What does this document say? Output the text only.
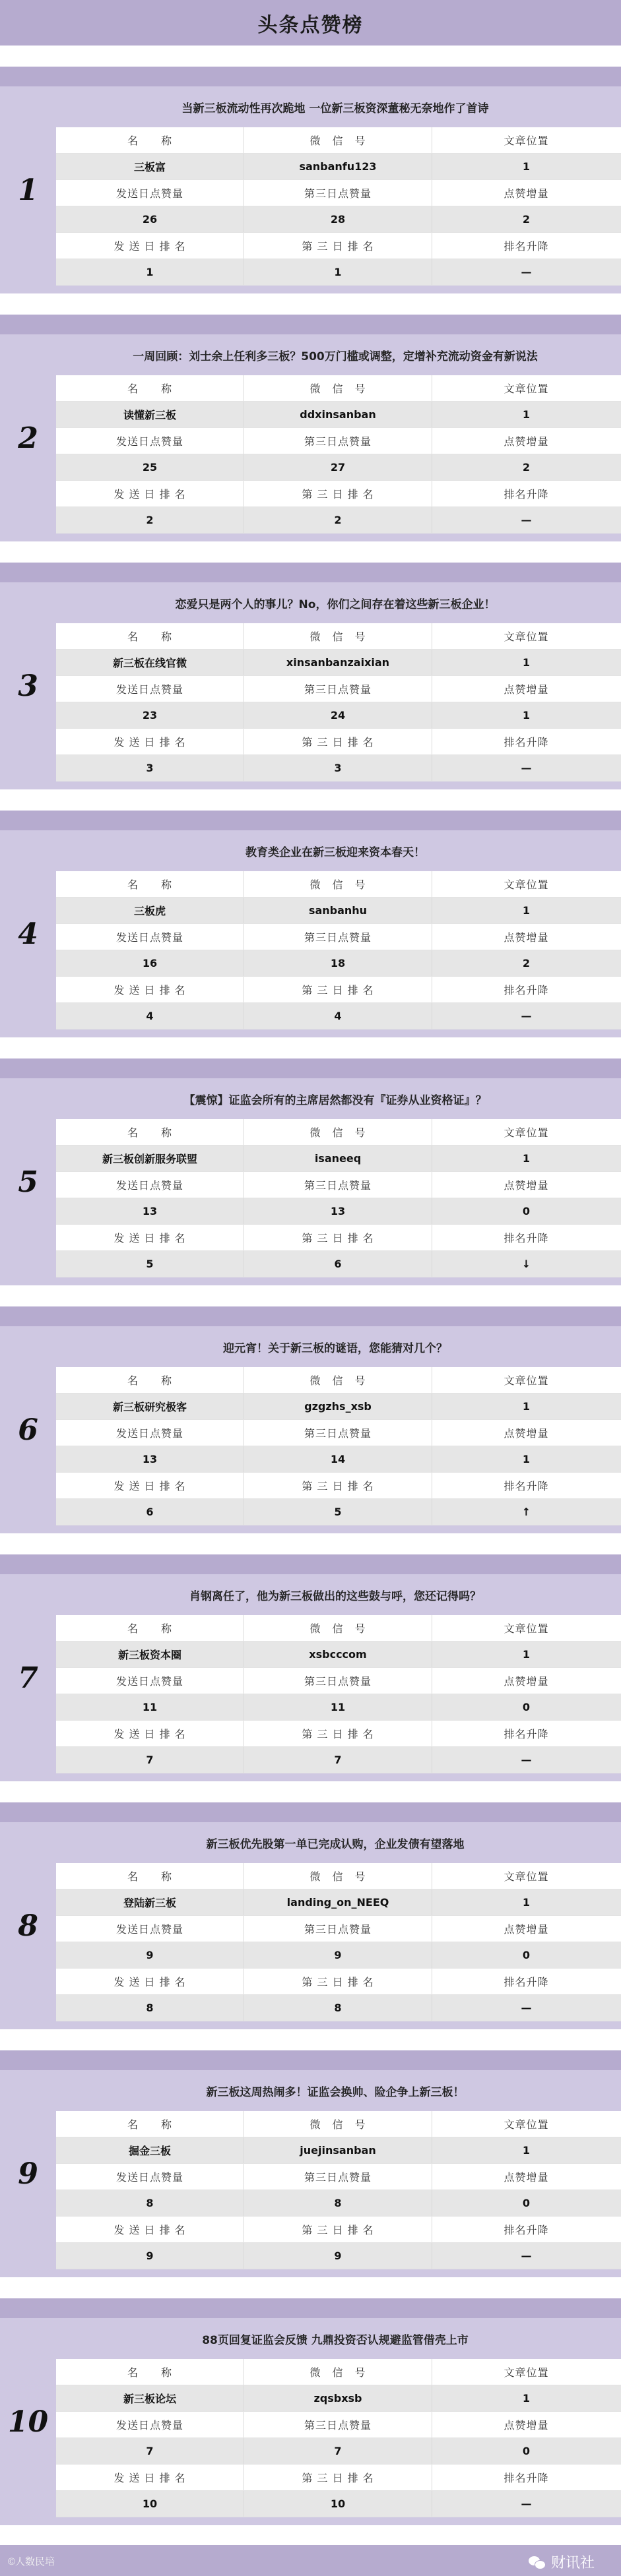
头条点赞榜
1
当新三板流动性再次跪地 一位新三板资深董秘无奈地作了首诗
名　　称	微　信　号	文章位置
三板富	sanbanfu123	1
发送日点赞量	第三日点赞量	点赞增量
26	28	2
发 送 日 排 名	第 三 日 排 名	排名升降
1	1	—
2
一周回顾：刘士余上任利多三板？500万门槛或调整，定增补充流动资金有新说法
名　　称	微　信　号	文章位置
读懂新三板	ddxinsanban	1
发送日点赞量	第三日点赞量	点赞增量
25	27	2
发 送 日 排 名	第 三 日 排 名	排名升降
2	2	—
3
恋爱只是两个人的事儿？No，你们之间存在着这些新三板企业！
名　　称	微　信　号	文章位置
新三板在线官微	xinsanbanzaixian	1
发送日点赞量	第三日点赞量	点赞增量
23	24	1
发 送 日 排 名	第 三 日 排 名	排名升降
3	3	—
4
教育类企业在新三板迎来资本春天！
名　　称	微　信　号	文章位置
三板虎	sanbanhu	1
发送日点赞量	第三日点赞量	点赞增量
16	18	2
发 送 日 排 名	第 三 日 排 名	排名升降
4	4	—
5
【震惊】证监会所有的主席居然都没有『证券从业资格证』？
名　　称	微　信　号	文章位置
新三板创新服务联盟	isaneeq	1
发送日点赞量	第三日点赞量	点赞增量
13	13	0
发 送 日 排 名	第 三 日 排 名	排名升降
5	6	↓
6
迎元宵！关于新三板的谜语，您能猜对几个？
名　　称	微　信　号	文章位置
新三板研究极客	gzgzhs_xsb	1
发送日点赞量	第三日点赞量	点赞增量
13	14	1
发 送 日 排 名	第 三 日 排 名	排名升降
6	5	↑
7
肖钢离任了，他为新三板做出的这些鼓与呼，您还记得吗？
名　　称	微　信　号	文章位置
新三板资本圈	xsbcccom	1
发送日点赞量	第三日点赞量	点赞增量
11	11	0
发 送 日 排 名	第 三 日 排 名	排名升降
7	7	—
8
新三板优先股第一单已完成认购，企业发债有望落地
名　　称	微　信　号	文章位置
登陆新三板	landing_on_NEEQ	1
发送日点赞量	第三日点赞量	点赞增量
9	9	0
发 送 日 排 名	第 三 日 排 名	排名升降
8	8	—
9
新三板这周热闹多！证监会换帅、险企争上新三板！
名　　称	微　信　号	文章位置
掘金三板	juejinsanban	1
发送日点赞量	第三日点赞量	点赞增量
8	8	0
发 送 日 排 名	第 三 日 排 名	排名升降
9	9	—
10
88页回复证监会反馈 九鼎投资否认规避监管借壳上市
名　　称	微　信　号	文章位置
新三板论坛	zqsbxsb	1
发送日点赞量	第三日点赞量	点赞增量
7	7	0
发 送 日 排 名	第 三 日 排 名	排名升降
10	10	—
©人数民培	财讯社
